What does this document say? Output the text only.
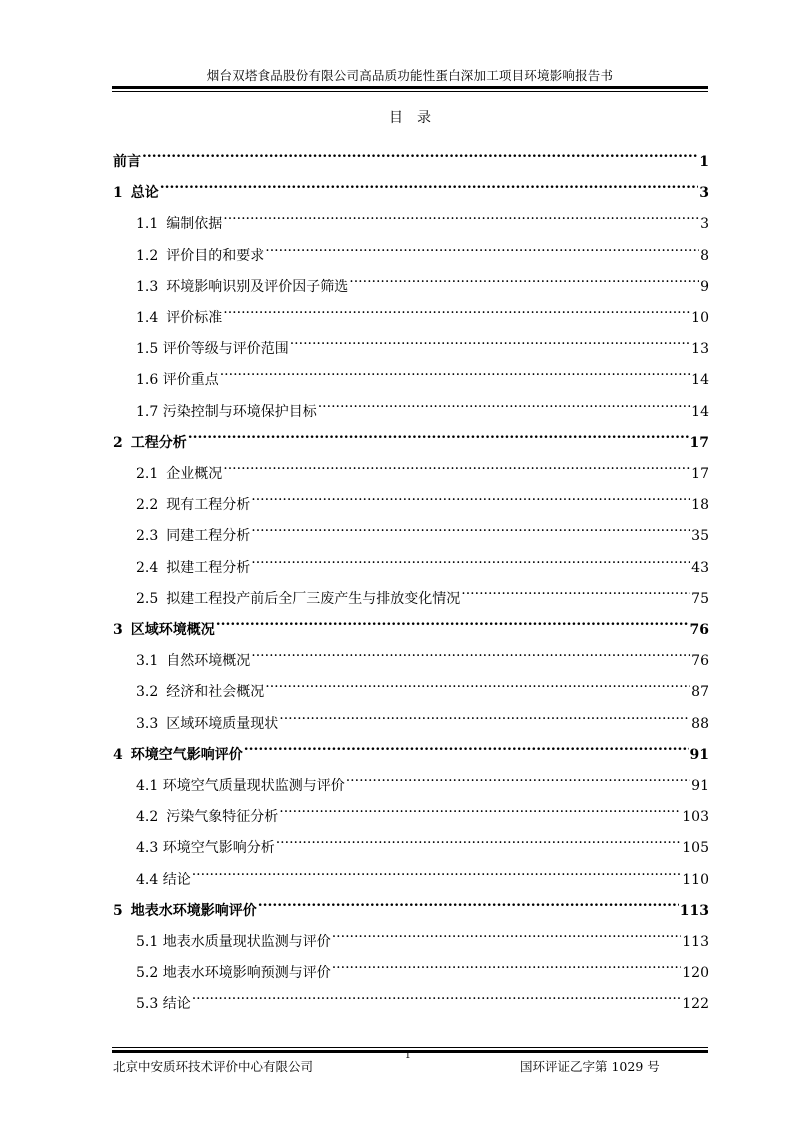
烟台双塔食品股份有限公司高品质功能性蛋白深加工项目环境影响报告书
目录
前言 .....	1
1 总论 .....	3
1.1 编制依据 .....	3
1.2 评价目的和要求 .....	8
1.3 环境影响识别及评价因子筛选 .....	9
1.4 评价标准 .....	10
1.5 评价等级与评价范围 .....	13
1.6 评价重点 .....	14
1.7 污染控制与环境保护目标 .....	14
2 工程分析 .....	17
2.1 企业概况 .....	17
2.2 现有工程分析 .....	18
2.3 同建工程分析 .....	35
2.4 拟建工程分析 .....	43
2.5 拟建工程投产前后全厂三废产生与排放变化情况 .....	75
3 区域环境概况 .....	76
3.1 自然环境概况 .....	76
3.2 经济和社会概况 .....	87
3.3 区域环境质量现状 .....	88
4 环境空气影响评价 .....	91
4.1 环境空气质量现状监测与评价 .....	91
4.2 污染气象特征分析 .....	103
4.3 环境空气影响分析 .....	105
4.4 结论 .....	110
5 地表水环境影响评价 .....	113
5.1 地表水质量现状监测与评价 .....	113
5.2 地表水环境影响预测与评价 .....	120
5.3 结论 .....	122
北京中安质环技术评价中心有限公司
1
国环评证乙字第 1029 号
